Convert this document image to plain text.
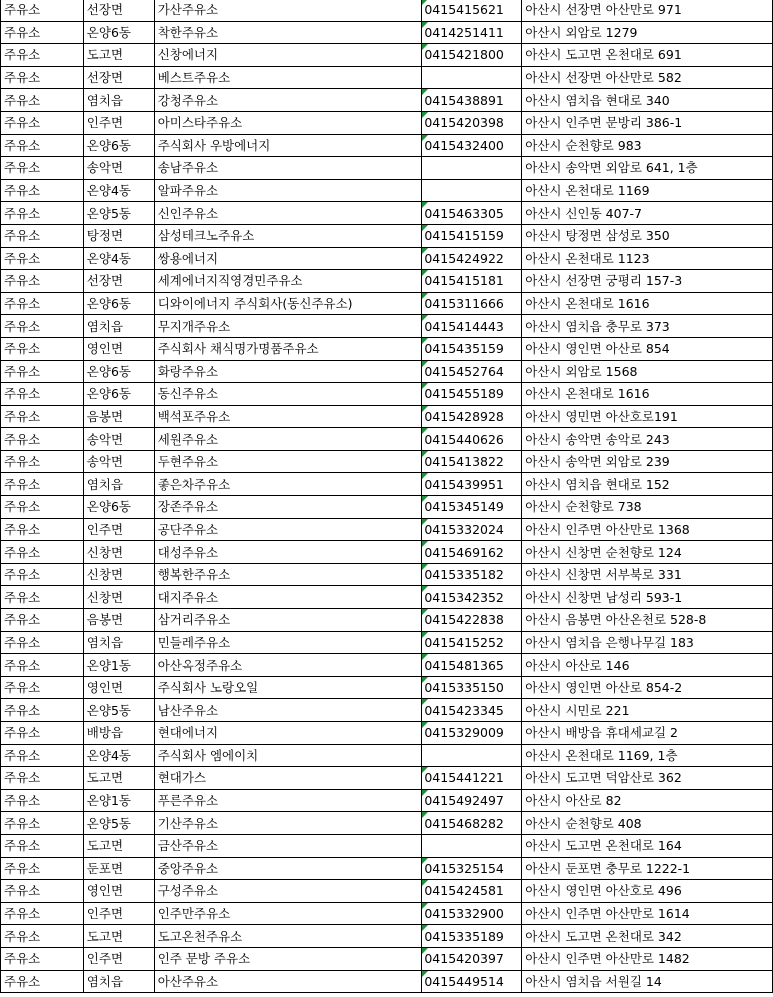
주유소	선장면	가산주유소	0415415621	아산시 선장면 아산만로 971
주유소	온양6동	착한주유소	0414251411	아산시 외암로 1279
주유소	도고면	신창에너지	0415421800	아산시 도고면 온천대로 691
주유소	선장면	베스트주유소		아산시 선장면 아산만로 582
주유소	염치읍	강청주유소	0415438891	아산시 염치읍 현대로 340
주유소	인주면	아미스타주유소	0415420398	아산시 인주면 문방리 386-1
주유소	온양6동	주식회사 우방에너지	0415432400	아산시 순천향로 983
주유소	송악면	송남주유소		아산시 송악면 외암로 641, 1층
주유소	온양4동	알파주유소		아산시 온천대로 1169
주유소	온양5동	신인주유소	0415463305	아산시 신인동 407-7
주유소	탕정면	삼성테크노주유소	0415415159	아산시 탕정면 삼성로 350
주유소	온양4동	쌍용에너지	0415424922	아산시 온천대로 1123
주유소	선장면	세계에너지직영경민주유소	0415415181	아산시 선장면 궁평리 157-3
주유소	온양6동	디와이에너지 주식회사(동신주유소)	0415311666	아산시 온천대로 1616
주유소	염치읍	무지개주유소	0415414443	아산시 염치읍 충무로 373
주유소	영인면	주식회사 채식명가명품주유소	0415435159	아산시 영인면 아산로 854
주유소	온양6동	화랑주유소	0415452764	아산시 외암로 1568
주유소	온양6동	동신주유소	0415455189	아산시 온천대로 1616
주유소	음봉면	백석포주유소	0415428928	아산시 영민면 아산호로191
주유소	송악면	세원주유소	0415440626	아산시 송악면 송악로 243
주유소	송악면	두현주유소	0415413822	아산시 송악면 외암로 239
주유소	염치읍	좋은차주유소	0415439951	아산시 염치읍 현대로 152
주유소	온양6동	장존주유소	0415345149	아산시 순천향로 738
주유소	인주면	공단주유소	0415332024	아산시 인주면 아산만로 1368
주유소	신창면	대성주유소	0415469162	아산시 신창면 순천향로 124
주유소	신창면	행복한주유소	0415335182	아산시 신창면 서부북로 331
주유소	신창면	대지주유소	0415342352	아산시 신창면 남성리 593-1
주유소	음봉면	삼거리주유소	0415422838	아산시 음봉면 아산온천로 528-8
주유소	염치읍	민들레주유소	0415415252	아산시 염치읍 은행나무길 183
주유소	온양1동	아산옥정주유소	0415481365	아산시 아산로 146
주유소	영인면	주식회사 노랑오일	0415335150	아산시 영인면 아산로 854-2
주유소	온양5동	남산주유소	0415423345	아산시 시민로 221
주유소	배방읍	현대에너지	0415329009	아산시 배방읍 휴대세교길 2
주유소	온양4동	주식회사 엠에이치		아산시 온천대로 1169, 1층
주유소	도고면	현대가스	0415441221	아산시 도고면 덕암산로 362
주유소	온양1동	푸른주유소	0415492497	아산시 아산로 82
주유소	온양5동	기산주유소	0415468282	아산시 순천향로 408
주유소	도고면	금산주유소		아산시 도고면 온천대로 164
주유소	둔포면	중앙주유소	0415325154	아산시 둔포면 충무로 1222-1
주유소	영인면	구성주유소	0415424581	아산시 영인면 아산호로 496
주유소	인주면	인주만주유소	0415332900	아산시 인주면 아산만로 1614
주유소	도고면	도고온천주유소	0415335189	아산시 도고면 온천대로 342
주유소	인주면	인주 문방 주유소	0415420397	아산시 인주면 아산만로 1482
주유소	염치읍	아산주유소	0415449514	아산시 염치읍 서원길 14
